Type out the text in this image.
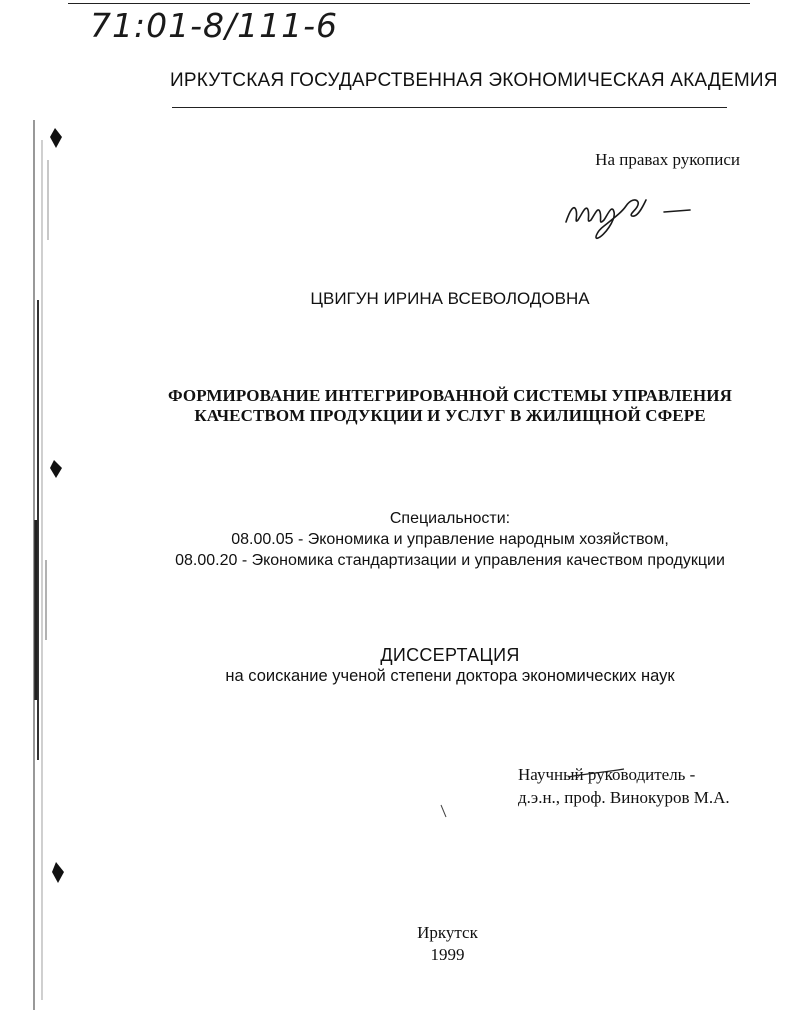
71:01-8/111-6
ИРКУТСКАЯ ГОСУДАРСТВЕННАЯ ЭКОНОМИЧЕСКАЯ АКАДЕМИЯ
На правах рукописи
ЦВИГУН ИРИНА ВСЕВОЛОДОВНА
ФОРМИРОВАНИЕ ИНТЕГРИРОВАННОЙ СИСТЕМЫ УПРАВЛЕНИЯ
КАЧЕСТВОМ ПРОДУКЦИИ И УСЛУГ В ЖИЛИЩНОЙ СФЕРЕ
Специальности:
08.00.05 - Экономика и управление народным хозяйством,
08.00.20 - Экономика стандартизации и управления качеством продукции
ДИССЕРТАЦИЯ
на соискание ученой степени доктора экономических наук
Научный руководитель -
д.э.н., проф. Винокуров М.А.
Иркутск
1999
